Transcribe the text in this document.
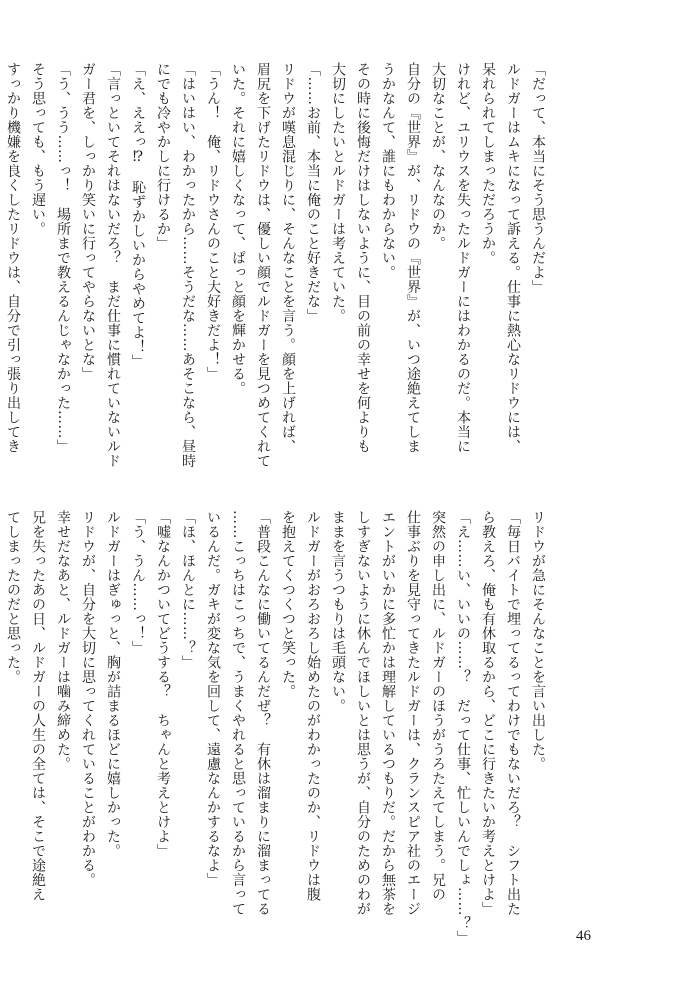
「だって、本当にそう思うんだよ」

ルドガーはムキになって訴える。仕事に熱心なリドウには、

呆れられてしまっただろうか。

けれど、ユリウスを失ったルドガーにはわかるのだ。本当に

大切なことが、なんなのか。

自分の『世界』が、リドウの『世界』が、いつ途絶えてしま

うかなんて、誰にもわからない。

その時に後悔だけはしないように、目の前の幸せを何よりも

大切にしたいとルドガーは考えていた。

「……お前、本当に俺のこと好きだな」

リドウが嘆息混じりに、そんなことを言う。顔を上げれば、

眉尻を下げたリドウは、優しい顔でルドガーを見つめてくれて

いた。それに嬉しくなって、ぱっと顔を輝かせる。

「うん！　俺、リドウさんのこと大好きだよ！」

「はいはい、わかったから……そうだな……あそこなら、昼時

にでも冷やかしに行けるか」

「え、ええっ⁉　恥ずかしいからやめてよ！」

「言っといてそれはないだろ？　まだ仕事に慣れていないルド

ガー君を、しっかり笑いに行ってやらないとな」

「う、うう……っ！　場所まで教えるんじゃなかった……」

そう思っても、もう遅い。

すっかり機嫌を良くしたリドウは、自分で引っ張り出してき

リドウが急にそんなことを言い出した。

「毎日バイトで埋ってるってわけでもないだろ？　シフト出た

ら教えろ、俺も有休取るから、どこに行きたいか考えとけよ」

「え……い、いいの……？　だって仕事、忙しいんでしょ……？」

突然の申し出に、ルドガーのほうがうろたえてしまう。兄の

仕事ぶりを見守ってきたルドガーは、クランスピア社のエージ

エントがいかに多忙かは理解しているつもりだ。だから無茶を

しすぎないように休んでほしいとは思うが、自分のためのわが

ままを言うつもりは毛頭ない。

ルドガーがおろおろし始めたのがわかったのか、リドウは腹

を抱えてくつくつと笑った。

「普段こんなに働いてるんだぜ？　有休は溜まりに溜まってる

……こっちはこっちで、うまくやれると思っているから言って

いるんだ。ガキが変な気を回して、遠慮なんかするなよ」

「ほ、ほんとに……？」

「嘘なんかついてどうする？　ちゃんと考えとけよ」

「う、うん……っ！」

ルドガーはぎゅっと、胸が詰まるほどに嬉しかった。

リドウが、自分を大切に思ってくれていることがわかる。

幸せだなあと、ルドガーは噛み締めた。

兄を失ったあの日、ルドガーの人生の全ては、そこで途絶え

てしまったのだと思った。

46
